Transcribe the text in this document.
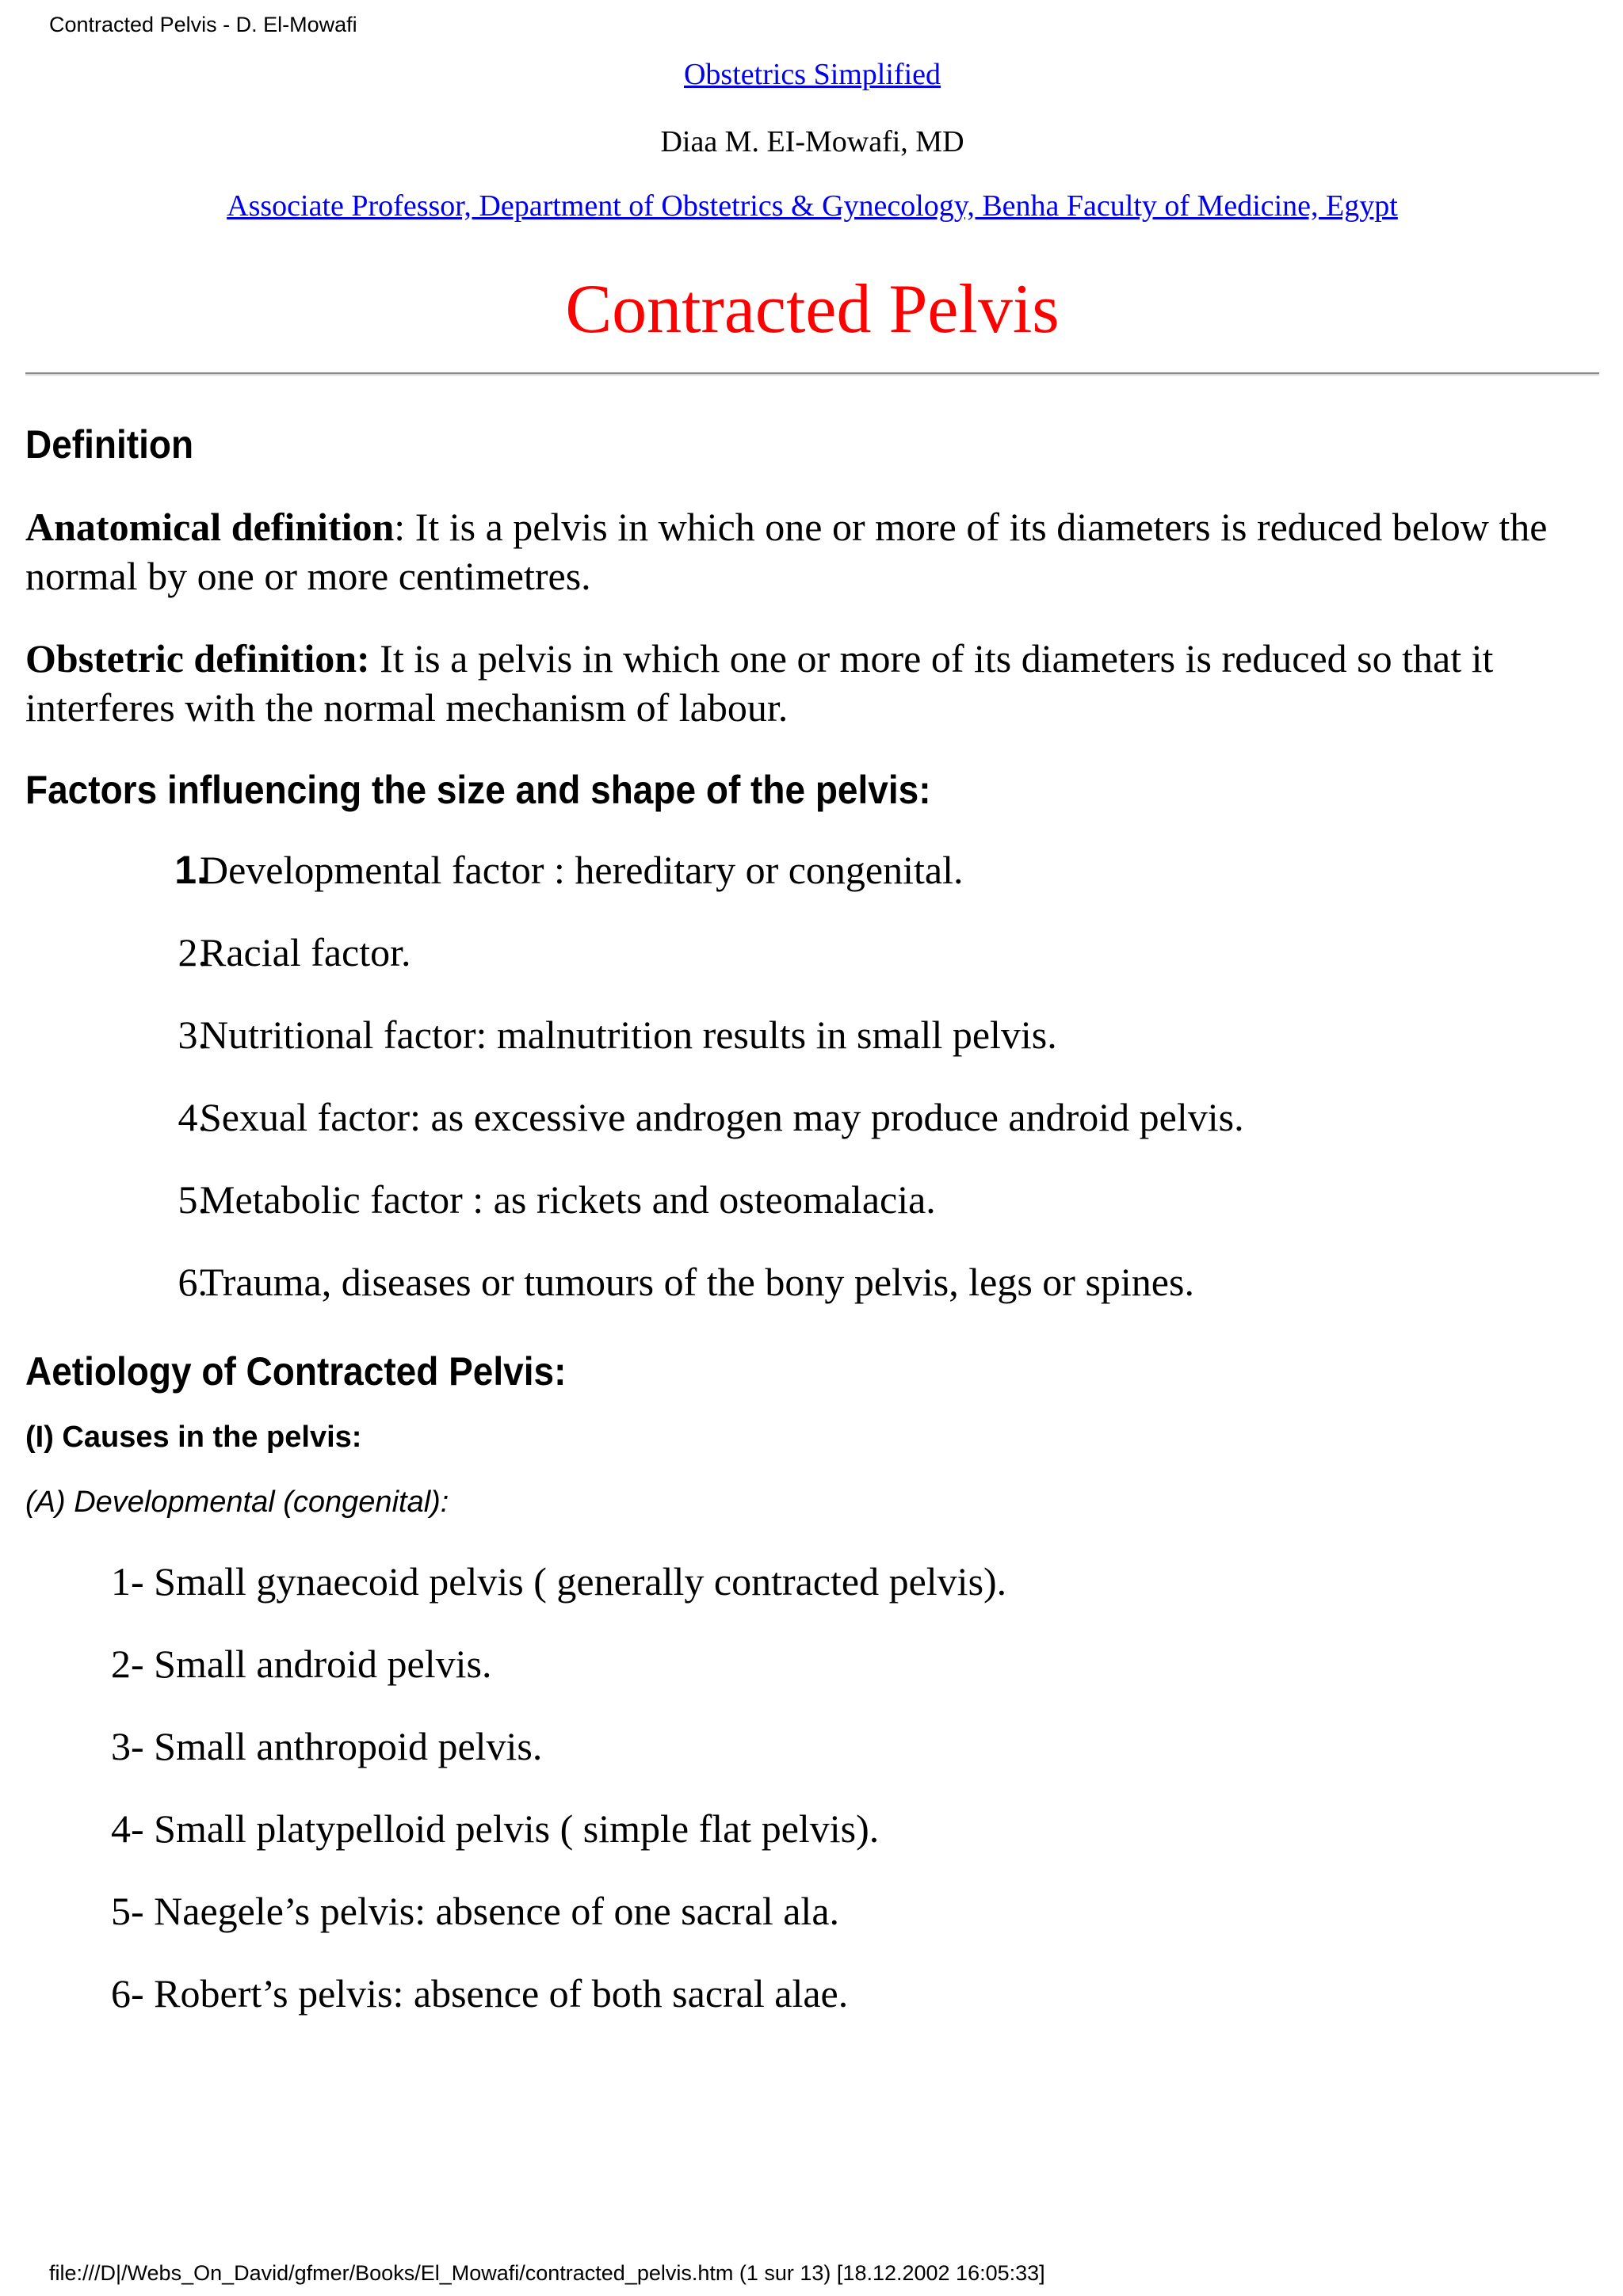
Contracted Pelvis - D. El-Mowafi
Obstetrics Simplified
Diaa M. EI-Mowafi, MD
Associate Professor, Department of Obstetrics & Gynecology, Benha Faculty of Medicine, Egypt
Contracted Pelvis
Definition
Anatomical definition: It is a pelvis in which one or more of its diameters is reduced below the normal by one or more centimetres.
Obstetric definition: It is a pelvis in which one or more of its diameters is reduced so that it interferes with the normal mechanism of labour.
Factors influencing the size and shape of the pelvis:
1.
Developmental factor : hereditary or congenital.
2.
Racial factor.
3.
Nutritional factor: malnutrition results in small pelvis.
4.
Sexual factor: as excessive androgen may produce android pelvis.
5.
Metabolic factor : as rickets and osteomalacia.
6.
Trauma, diseases or tumours of the bony pelvis, legs or spines.
Aetiology of Contracted Pelvis:
(I) Causes in the pelvis:
(A) Developmental (congenital):
1- Small gynaecoid pelvis ( generally contracted pelvis).
2- Small android pelvis.
3- Small anthropoid pelvis.
4- Small platypelloid pelvis ( simple flat pelvis).
5- Naegele’s pelvis: absence of one sacral ala.
6- Robert’s pelvis: absence of both sacral alae.
file:///D|/Webs_On_David/gfmer/Books/El_Mowafi/contracted_pelvis.htm (1 sur 13) [18.12.2002 16:05:33]
